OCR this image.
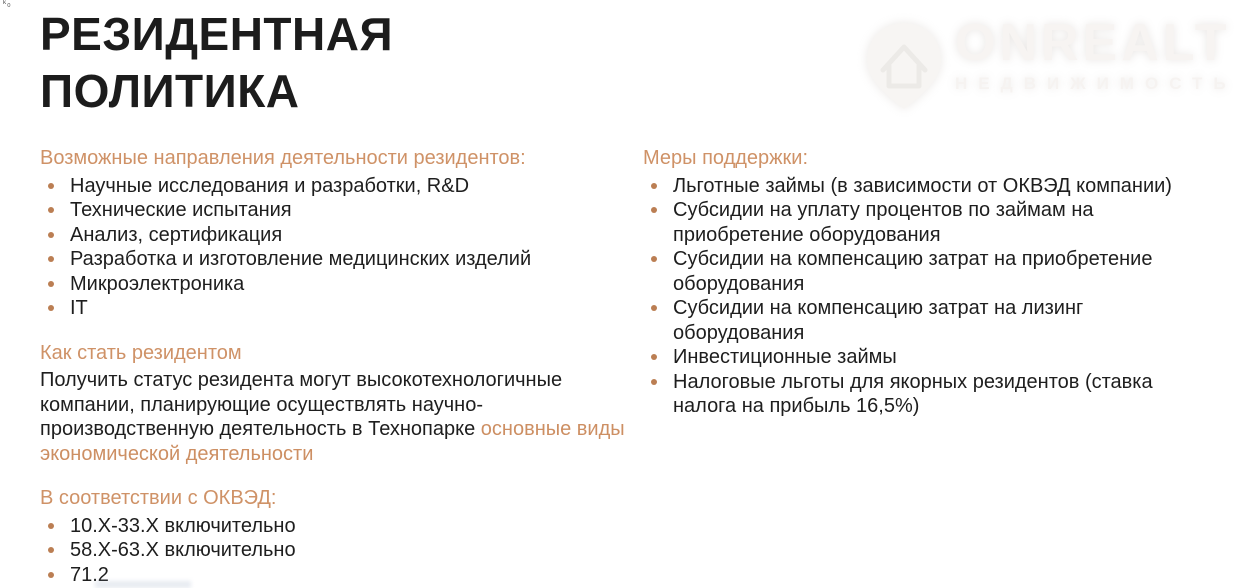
ᵏ₀
ONREALT
НЕДВИЖИМОСТЬ
РЕЗИДЕНТНАЯ
ПОЛИТИКА
Возможные направления деятельности резидентов:
Научные исследования и разработки, R&D
Технические испытания
Анализ, сертификация
Разработка и изготовление медицинских изделий
Микроэлектроника
IT
Как стать резидентом
Получить статус резидента могут высокотехнологичные компании, планирующие осуществлять научно-производственную деятельность в Технопарке основные виды экономической деятельности
В соответствии с ОКВЭД:
10.X-33.X включительно
58.X-63.X включительно
71.2
Меры поддержки:
Льготные займы (в зависимости от ОКВЭД компании)
Субсидии на уплату процентов по займам на приобретение оборудования
Субсидии на компенсацию затрат на приобретение оборудования
Субсидии на компенсацию затрат на лизинг оборудования
Инвестиционные займы
Налоговые льготы для якорных резидентов (ставка налога на прибыль 16,5%)
